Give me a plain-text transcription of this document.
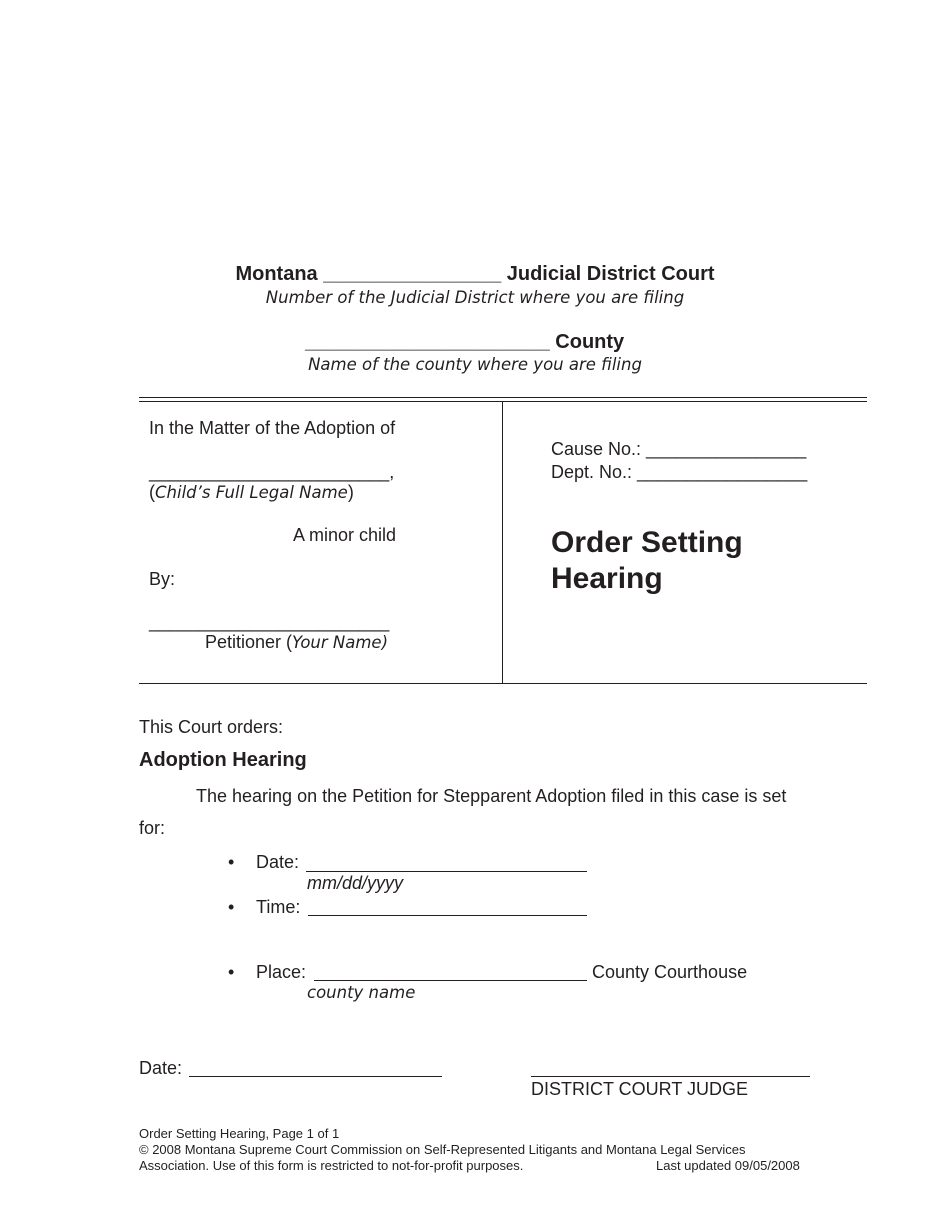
Montana ________________ Judicial District Court
Number of the Judicial District where you are filing
______________________ County
Name of the county where you are filing
In the Matter of the Adoption of
________________________,
(Child’s Full Legal Name)
A minor child
By:
________________________
Petitioner (Your Name)
Cause No.: ________________
Dept. No.: _________________
Order Setting
Hearing
This Court orders:
Adoption Hearing
The hearing on the Petition for Stepparent Adoption filed in this case is set
for:
• Date:
mm/dd/yyyy
• Time:
• Place:	County Courthouse
county name
Date:
DISTRICT COURT JUDGE
Order Setting Hearing, Page 1 of 1
© 2008 Montana Supreme Court Commission on Self-Represented Litigants and Montana Legal Services
Association. Use of this form is restricted to not-for-profit purposes.	Last updated 09/05/2008
